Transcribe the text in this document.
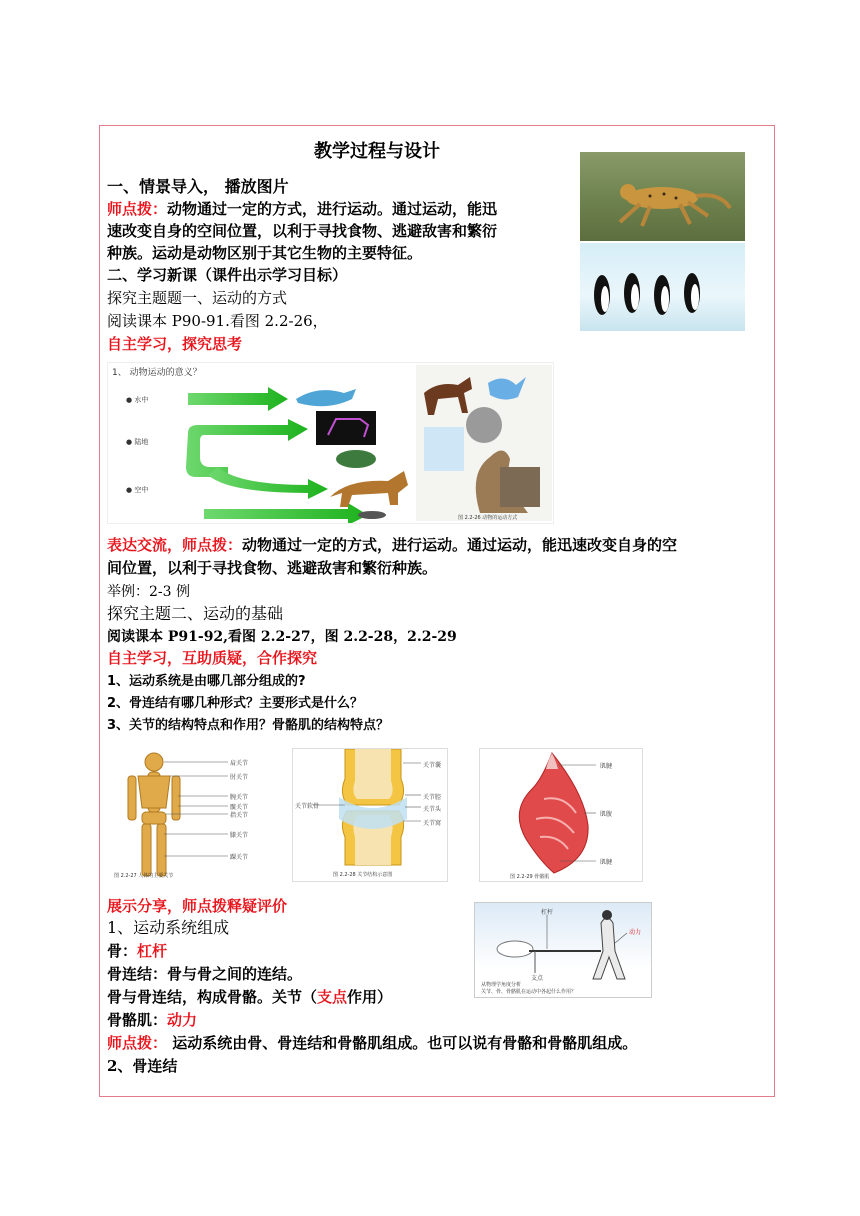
教学过程与设计
一、情景导入， 播放图片
师点拨：动物通过一定的方式，进行运动。通过运动，能迅
速改变自身的空间位置，以利于寻找食物、逃避敌害和繁衍
种族。运动是动物区别于其它生物的主要特征。
二、学习新课（课件出示学习目标）
探究主题题一、运动的方式
阅读课本 P90-91.看图 2.2-26，
自主学习，探究思考
1、 动物运动的意义？
● 水中
● 陆地
● 空中
图 2.2-26 动物的运动方式
表达交流，师点拨：动物通过一定的方式，进行运动。通过运动，能迅速改变自身的空
间位置，以利于寻找食物、逃避敌害和繁衍种族。
举例：2-3 例
探究主题二、运动的基础
阅读课本 P91-92,看图 2.2-27，图 2.2-28，2.2-29
自主学习，互助质疑，合作探究
1、运动系统是由哪几部分组成的?
2、骨连结有哪几种形式？主要形式是什么？
3、关节的结构特点和作用？骨骼肌的结构特点？
肩关节
肘关节
腕关节
髋关节
指关节
膝关节
踝关节
图 2.2-27 人体的主要关节
关节囊
关节腔
关节头
关节窝
关节软骨
图 2.2-28 关节结构示意图
肌腱
肌腹
肌腱
图 2.2-29 骨骼肌
杠杆
支点
动力
从物理学角度分析
关节、骨、骨骼肌在运动中各起什么作用？
展示分享，师点拨释疑评价
1、运动系统组成
骨：杠杆
骨连结：骨与骨之间的连结。
骨与骨连结，构成骨骼。关节（支点作用）
骨骼肌：动力
师点拨： 运动系统由骨、骨连结和骨骼肌组成。也可以说有骨骼和骨骼肌组成。
2、骨连结
